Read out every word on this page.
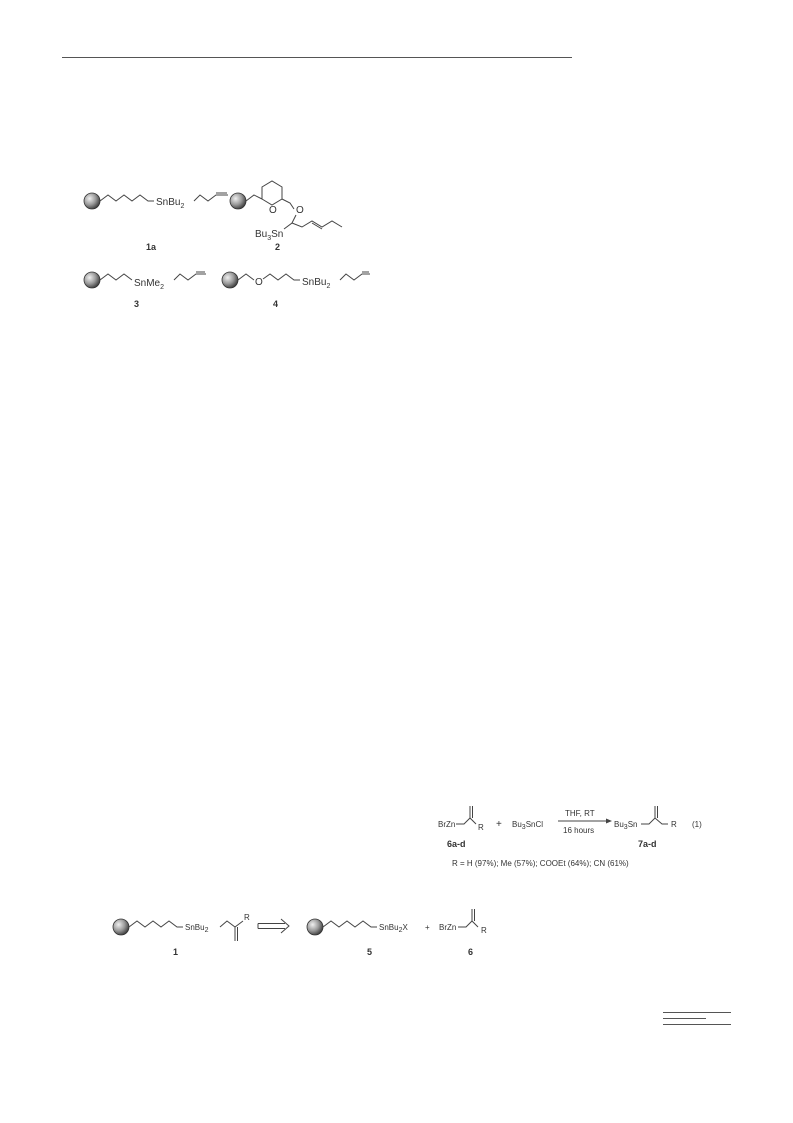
SnBu$_2$
1a
O O
$Bu_3Sn$
2
SnMe$_2$
3
O	SnBu$_2$
4
BrZn	R
6a-d
+ Bu3SnCl
THF, RT
16 hours
Bu3Sn	R
7a-d
(1)
R = H (97%); Me (57%); COOEt (64%); CN (61%)
SnBu2
R
1
SnBu2X
5
+ BrZn	R
6
